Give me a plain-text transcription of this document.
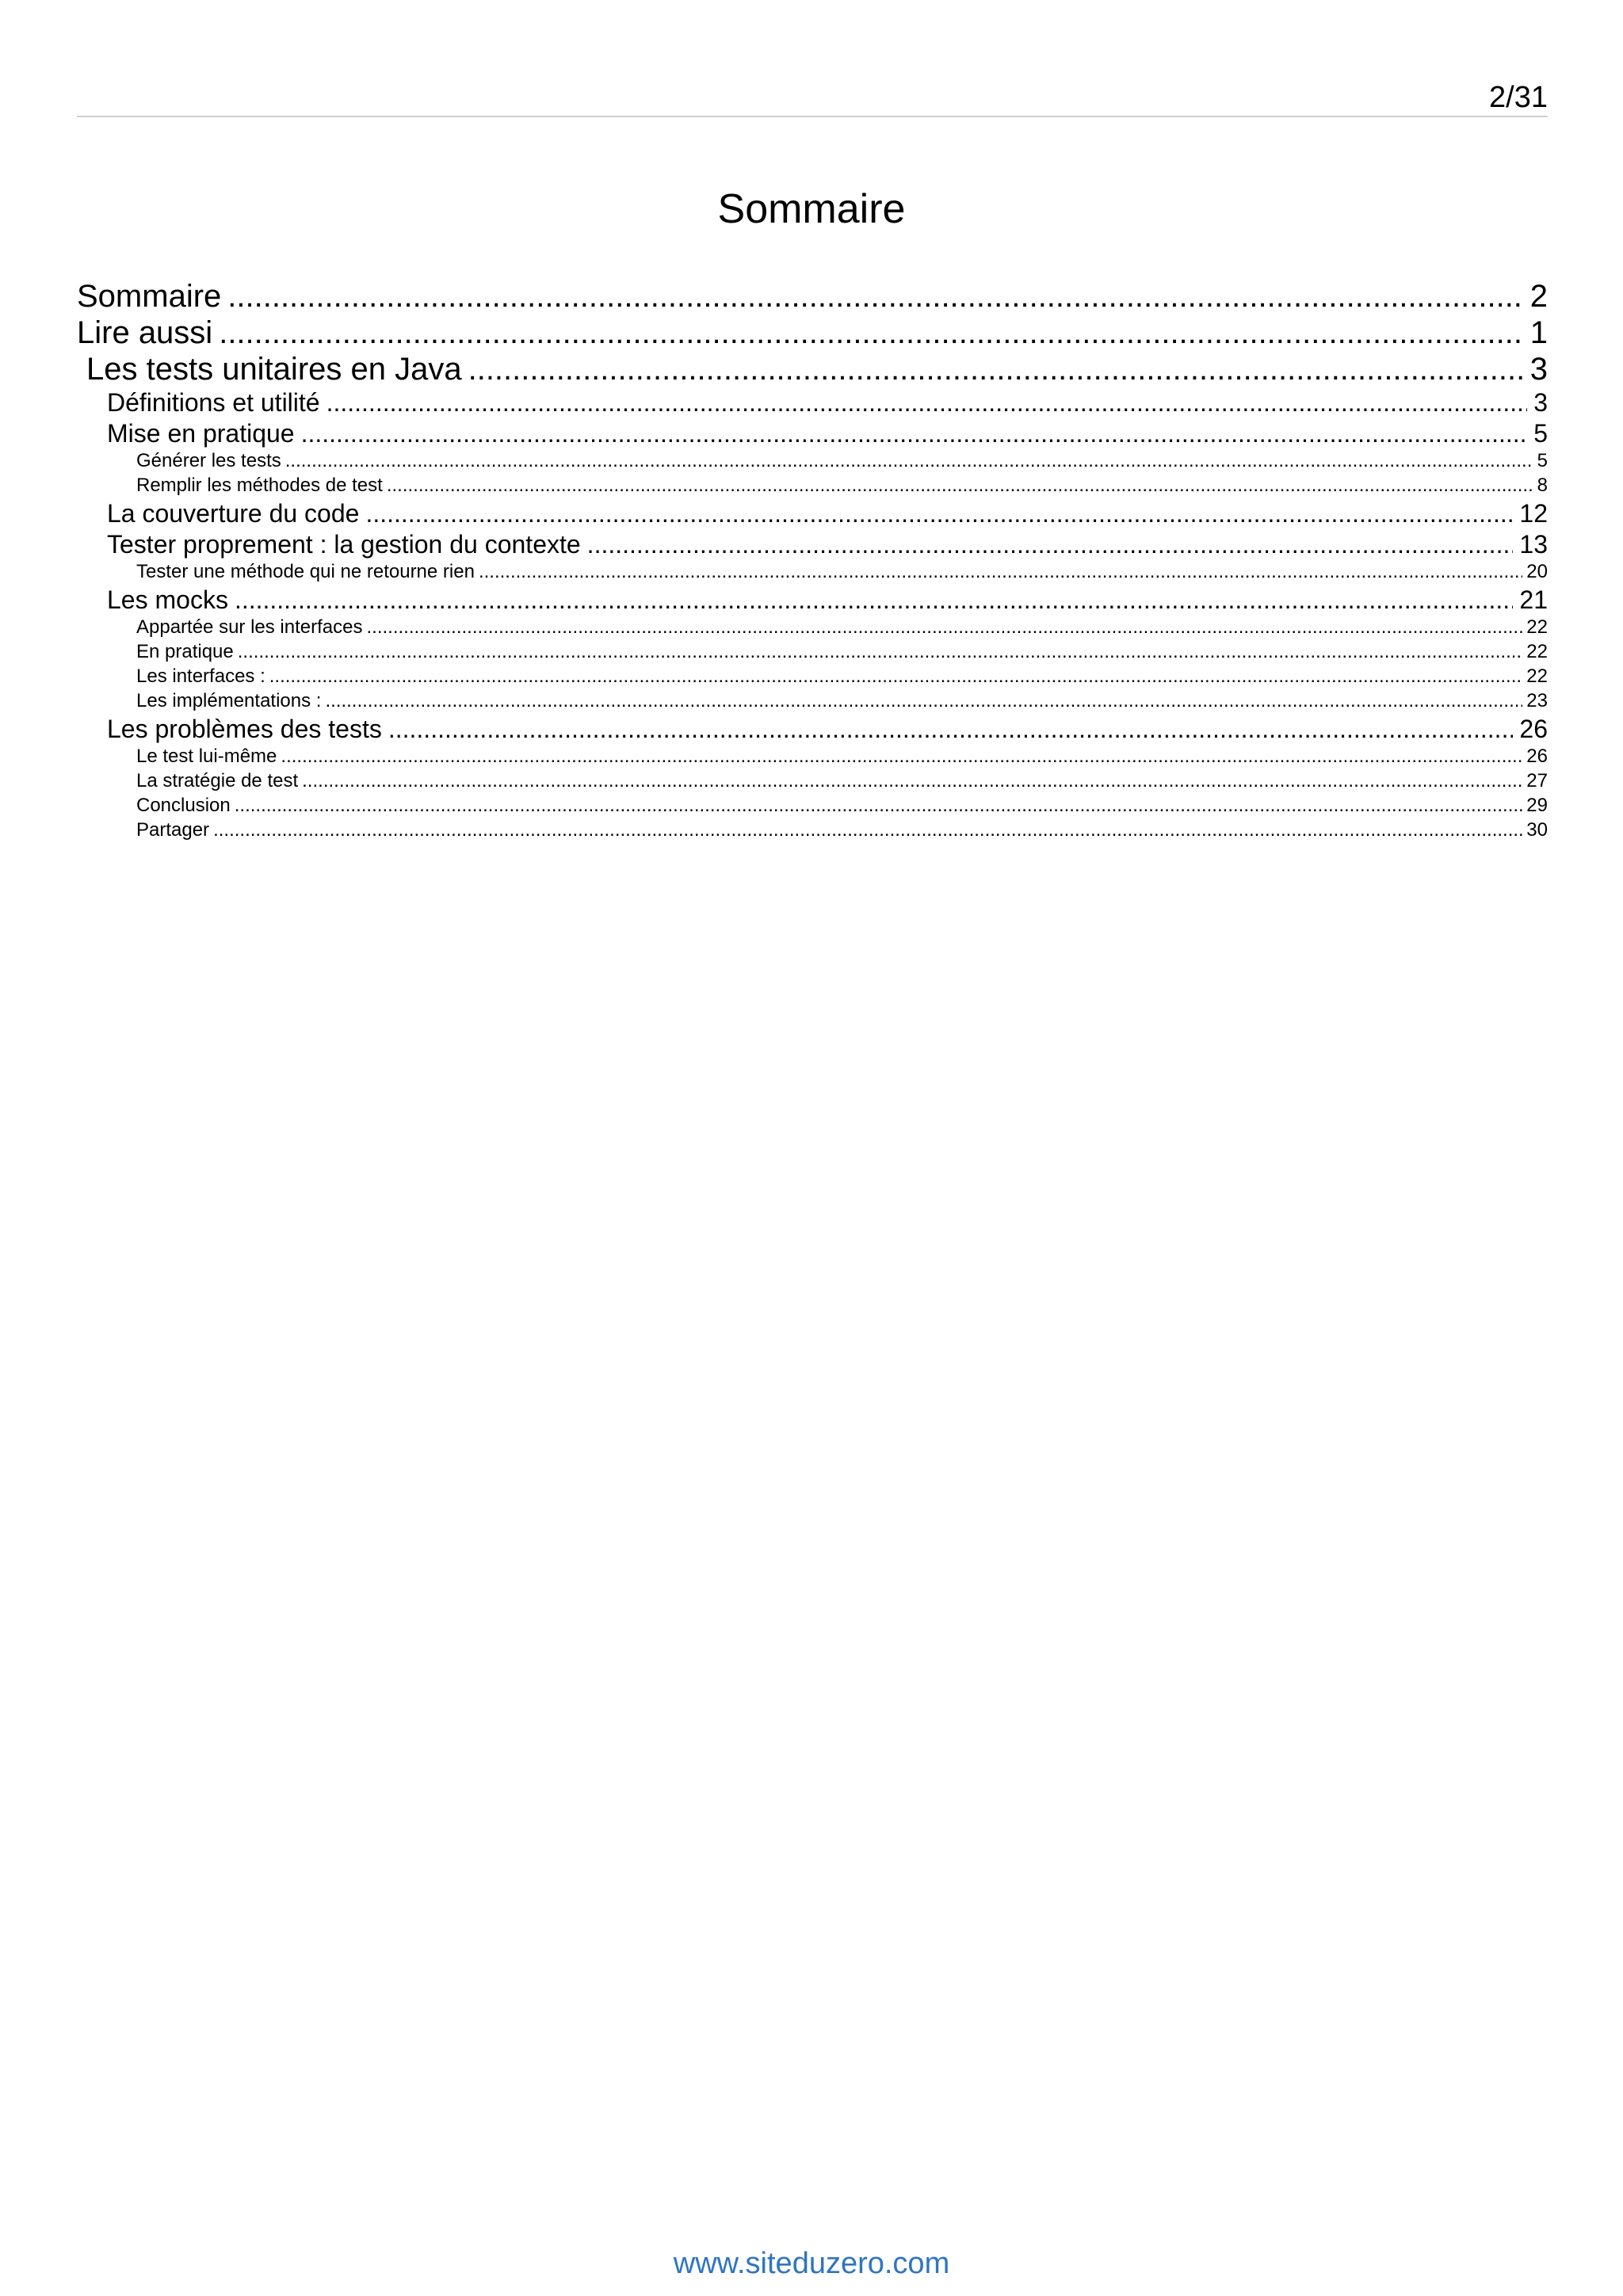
2/31
Sommaire
Sommaire .....	2
Lire aussi .....	1
Les tests unitaires en Java .....	3
Définitions et utilité .....	3
Mise en pratique .....	5
Générer les tests .....	5
Remplir les méthodes de test .....	8
La couverture du code .....	12
Tester proprement : la gestion du contexte .....	13
Tester une méthode qui ne retourne rien .....	20
Les mocks .....	21
Appartée sur les interfaces .....	22
En pratique .....	22
Les interfaces : .....	22
Les implémentations : .....	23
Les problèmes des tests .....	26
Le test lui-même .....	26
La stratégie de test .....	27
Conclusion .....	29
Partager .....	30
www.siteduzero.com
